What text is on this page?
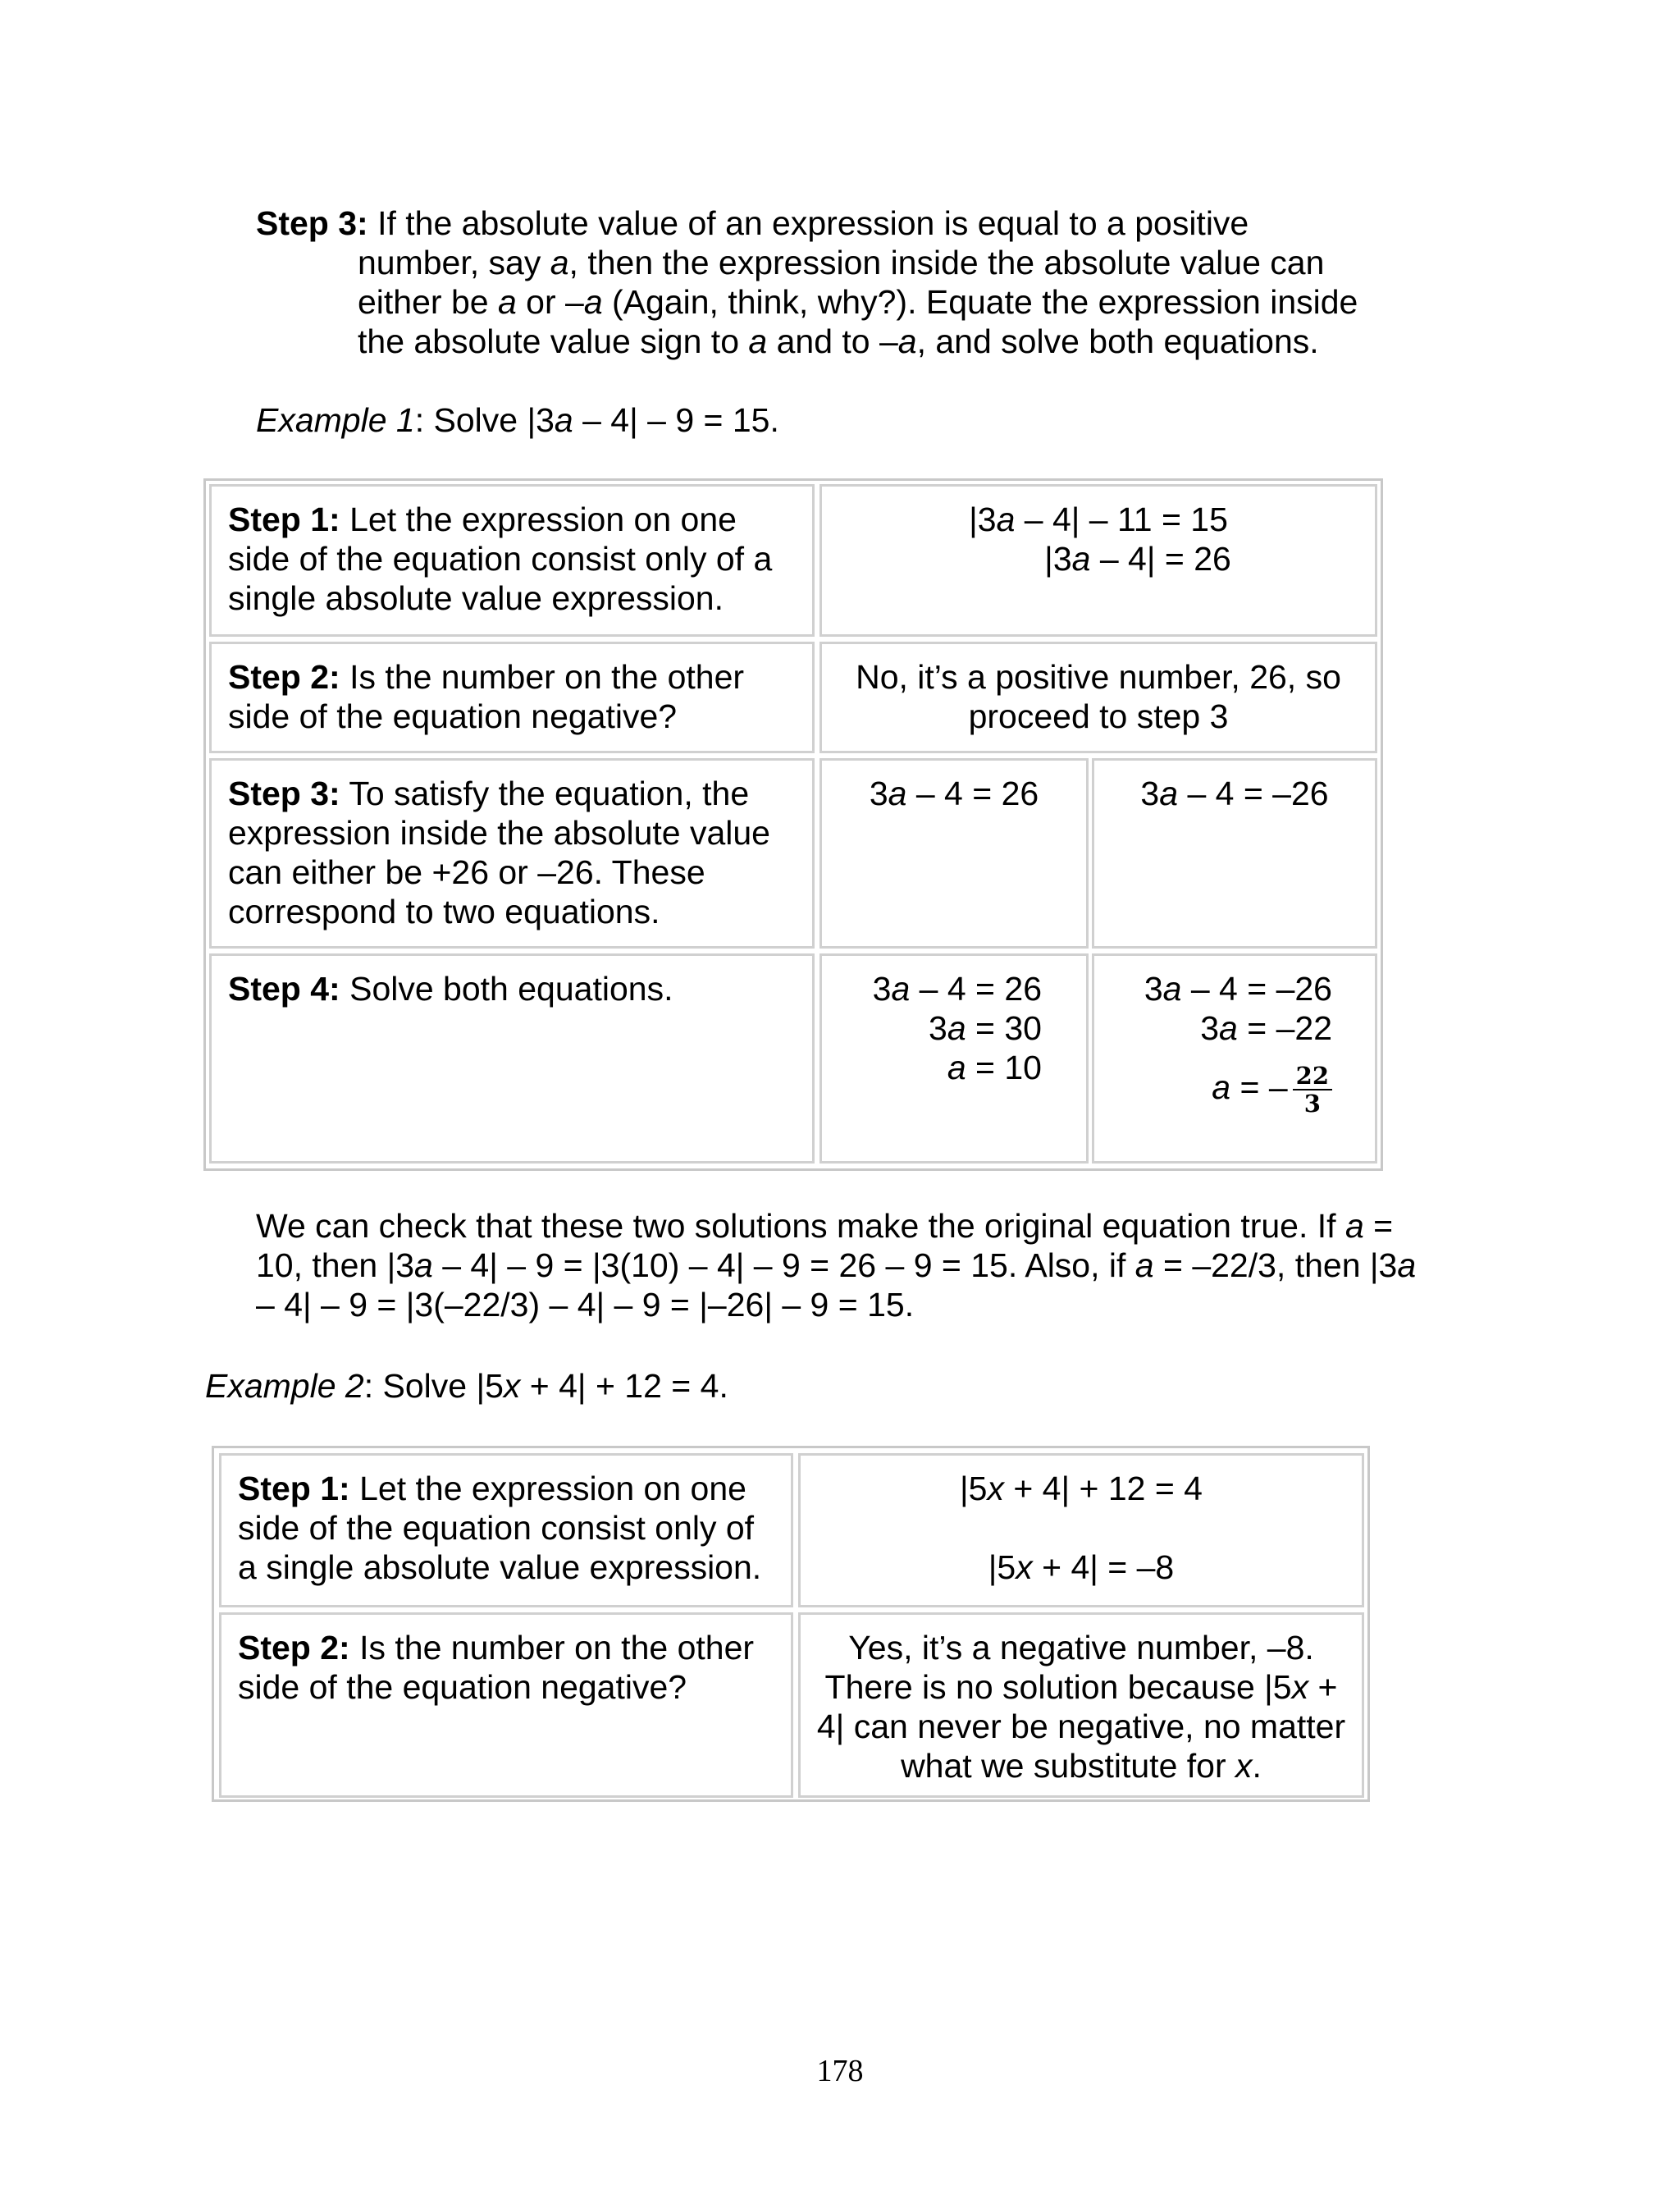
Step 3: If the absolute value of an expression is equal to a positive

number, say a, then the expression inside the absolute value can

either be a or –a (Again, think, why?). Equate the expression inside

the absolute value sign to a and to –a, and solve both equations.

Example 1: Solve |3a – 4| – 9 = 15.
Step 1: Let the expression on one side of the equation consist only of a single absolute value expression.
|3a – 4| – 11 = 15
|3a – 4| = 26
Step 2: Is the number on the other side of the equation negative?
No, it’s a positive number, 26, so
proceed to step 3
Step 3: To satisfy the equation, the expression inside the absolute value can either be +26 or –26. These correspond to two equations.
3a – 4 = 26	3a – 4 = –26
Step 4: Solve both equations.	3a – 4 = 26
3a = 30
a = 10
3a – 4 = –26
3a = –22
a = – $\frac{22}{3}$
We can check that these two solutions make the original equation true. If a = 10, then |3a – 4| – 9 = |3(10) – 4| – 9 = 26 – 9 = 15. Also, if a = –22/3, then |3a – 4| – 9 = |3(–22/3) – 4| – 9 = |–26| – 9 = 15.
Example 2: Solve |5x + 4| + 12 = 4.
Step 1: Let the expression on one side of the equation consist only of a single absolute value expression.
|5x + 4| + 12 = 4
|5x + 4| = –8
Step 2: Is the number on the other side of the equation negative?
Yes, it’s a negative number, –8. There is no solution because |5x + 4| can never be negative, no matter what we substitute for x.
178
